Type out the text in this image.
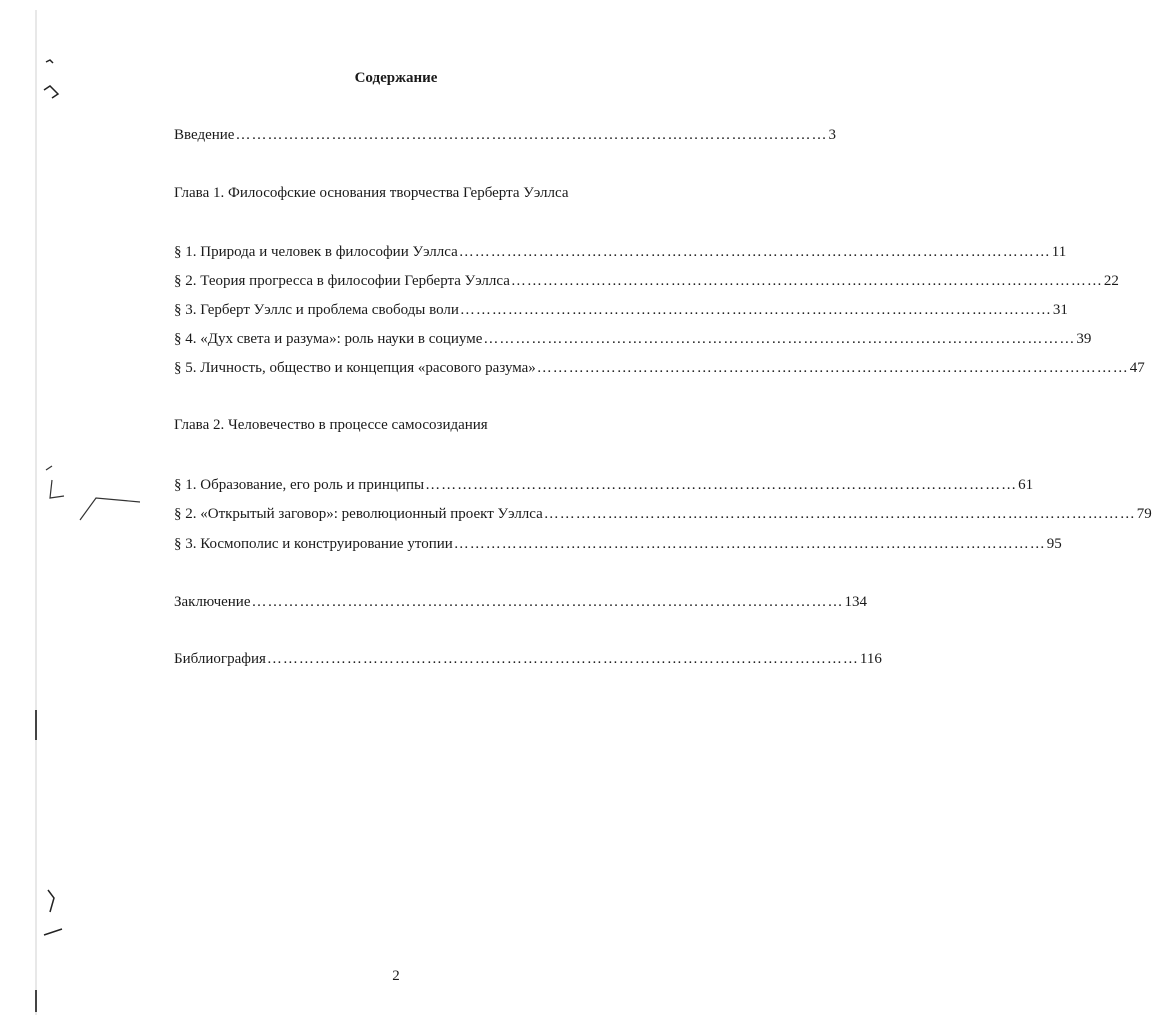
Содержание
Введение ………………………………………………………………………………………………… 3
Глава 1. Философские основания творчества Герберта Уэллса
§ 1. Природа и человек в философии Уэллса ………………………………………………………………………………………………… 11
§ 2. Теория прогресса в философии Герберта Уэллса ………………………………………………………………………………………………… 22
§ 3. Герберт Уэллс и проблема свободы воли ………………………………………………………………………………………………… 31
§ 4. «Дух света и разума»: роль науки в социуме ………………………………………………………………………………………………… 39
§ 5. Личность, общество и концепция «расового разума» ………………………………………………………………………………………………… 47
Глава 2. Человечество в процессе самосозидания
§ 1. Образование, его роль и принципы ………………………………………………………………………………………………… 61
§ 2. «Открытый заговор»: революционный проект Уэллса ………………………………………………………………………………………………… 79
§ 3. Космополис и конструирование утопии ………………………………………………………………………………………………… 95
Заключение ………………………………………………………………………………………………… 134
Библиография ………………………………………………………………………………………………… 116
2
